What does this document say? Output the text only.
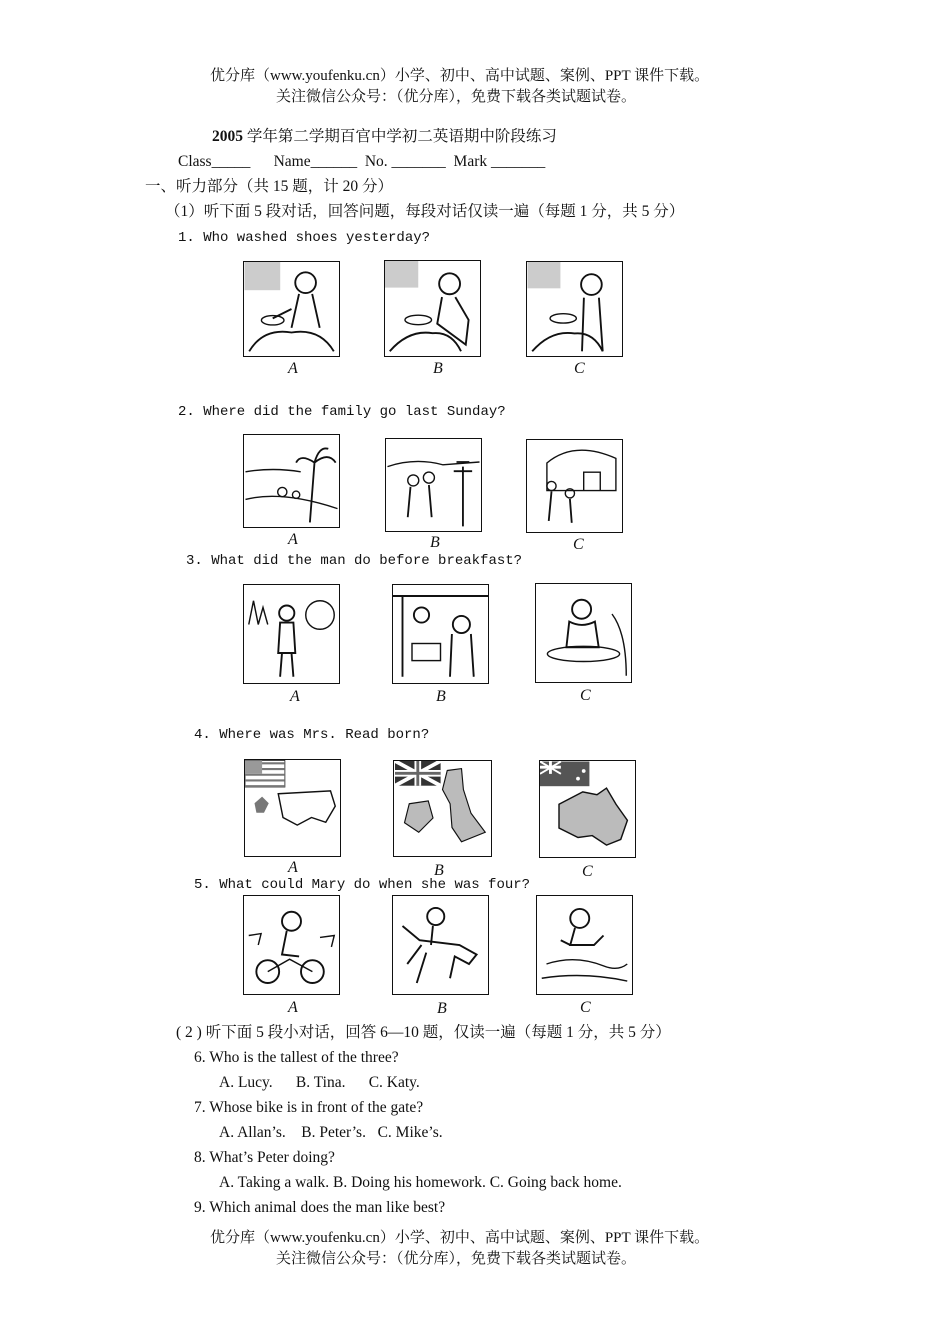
优分库（www.youfenku.cn）小学、初中、高中试题、案例、PPT 课件下载。
关注微信公众号：（优分库），免费下载各类试题试卷。
2005 学年第二学期百官中学初二英语期中阶段练习
Class_____      Name______  No. _______  Mark _______
一、听力部分（共 15 题，计 20 分）
（1）听下面 5 段对话，回答问题，每段对话仅读一遍（每题 1 分，共 5 分）
1. Who washed shoes yesterday?
A	B	C
2. Where did the family go last Sunday?
A	B	C
3. What did the man do before breakfast?
A	B	C
4. Where was Mrs. Read born?
A	B	C
5. What could Mary do when she was four?
A	B	C
( 2 ) 听下面 5 段小对话，回答 6—10 题，仅读一遍（每题 1 分，共 5 分）
6. Who is the tallest of the three?
A. Lucy.      B. Tina.      C. Katy.
7. Whose bike is in front of the gate?
A. Allan’s.    B. Peter’s.   C. Mike’s.
8. What’s Peter doing?
A. Taking a walk. B. Doing his homework. C. Going back home.
9. Which animal does the man like best?
优分库（www.youfenku.cn）小学、初中、高中试题、案例、PPT 课件下载。
关注微信公众号：（优分库），免费下载各类试题试卷。
